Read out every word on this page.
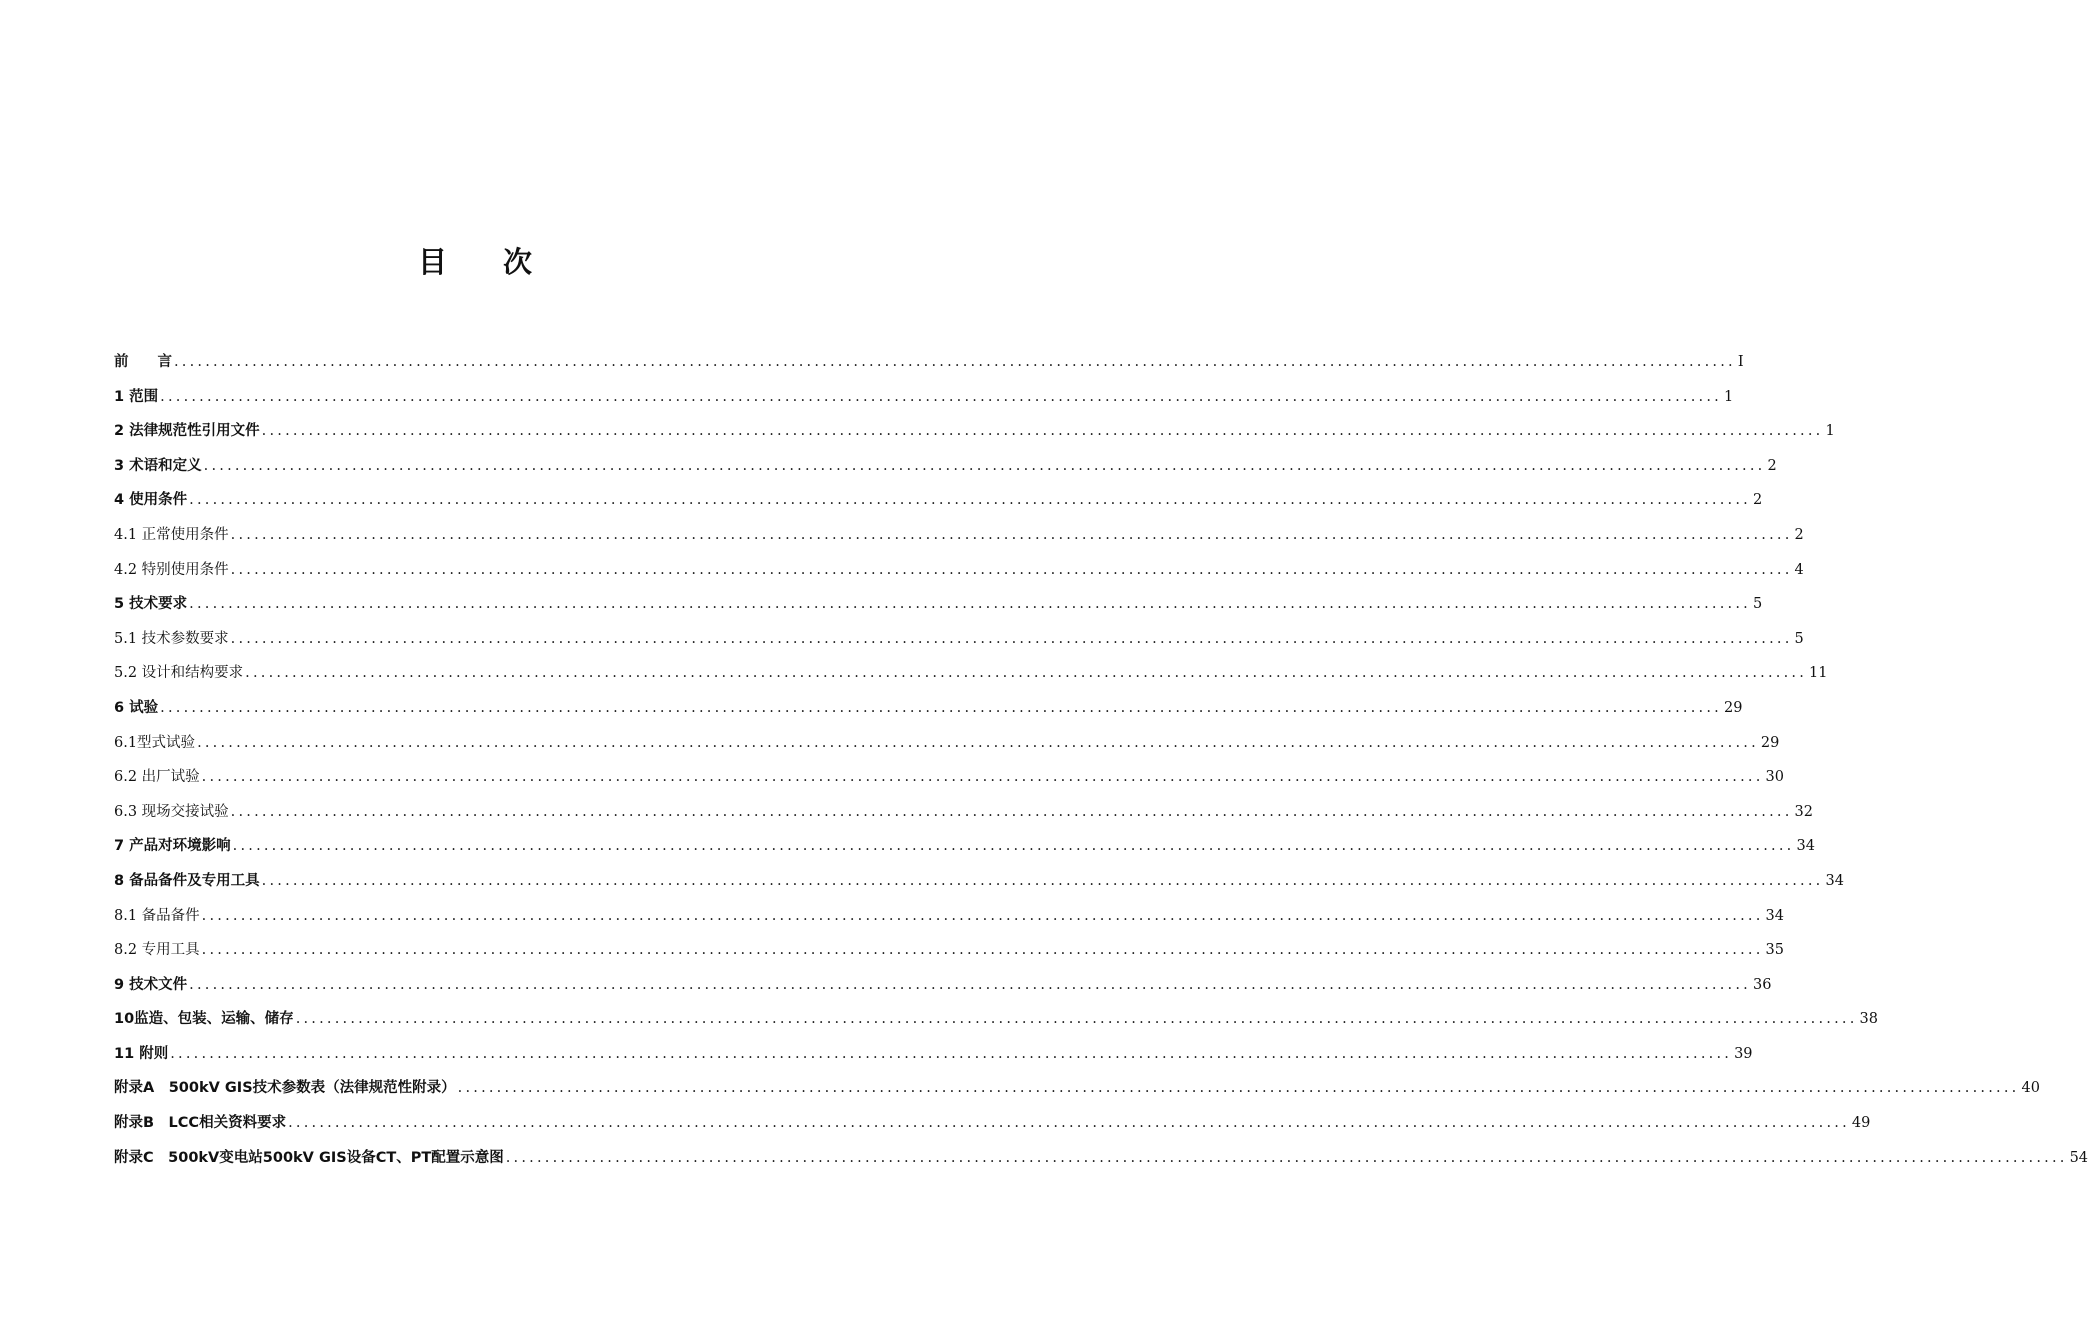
目 次
前　　言 ........................................................................................................................................................................................................ I
1 范围 ........................................................................................................................................................................................................ 1
2 法律规范性引用文件 ........................................................................................................................................................................................................ 1
3 术语和定义 ........................................................................................................................................................................................................ 2
4 使用条件 ........................................................................................................................................................................................................ 2
4.1 正常使用条件 ........................................................................................................................................................................................................ 2
4.2 特别使用条件 ........................................................................................................................................................................................................ 4
5 技术要求 ........................................................................................................................................................................................................ 5
5.1 技术参数要求 ........................................................................................................................................................................................................ 5
5.2 设计和结构要求 ........................................................................................................................................................................................................ 11
6 试验 ........................................................................................................................................................................................................ 29
6.1型式试验 ........................................................................................................................................................................................................ 29
6.2 出厂试验 ........................................................................................................................................................................................................ 30
6.3 现场交接试验 ........................................................................................................................................................................................................ 32
7 产品对环境影响 ........................................................................................................................................................................................................ 34
8 备品备件及专用工具 ........................................................................................................................................................................................................ 34
8.1 备品备件 ........................................................................................................................................................................................................ 34
8.2 专用工具 ........................................................................................................................................................................................................ 35
9 技术文件 ........................................................................................................................................................................................................ 36
10监造、包装、运输、储存 ........................................................................................................................................................................................................ 38
11 附则 ........................................................................................................................................................................................................ 39
附录A　500kV GIS技术参数表（法律规范性附录） ........................................................................................................................................................................................................ 40
附录B　LCC相关资料要求 ........................................................................................................................................................................................................ 49
附录C　500kV变电站500kV GIS设备CT、PT配置示意图 ........................................................................................................................................................................................................ 54
